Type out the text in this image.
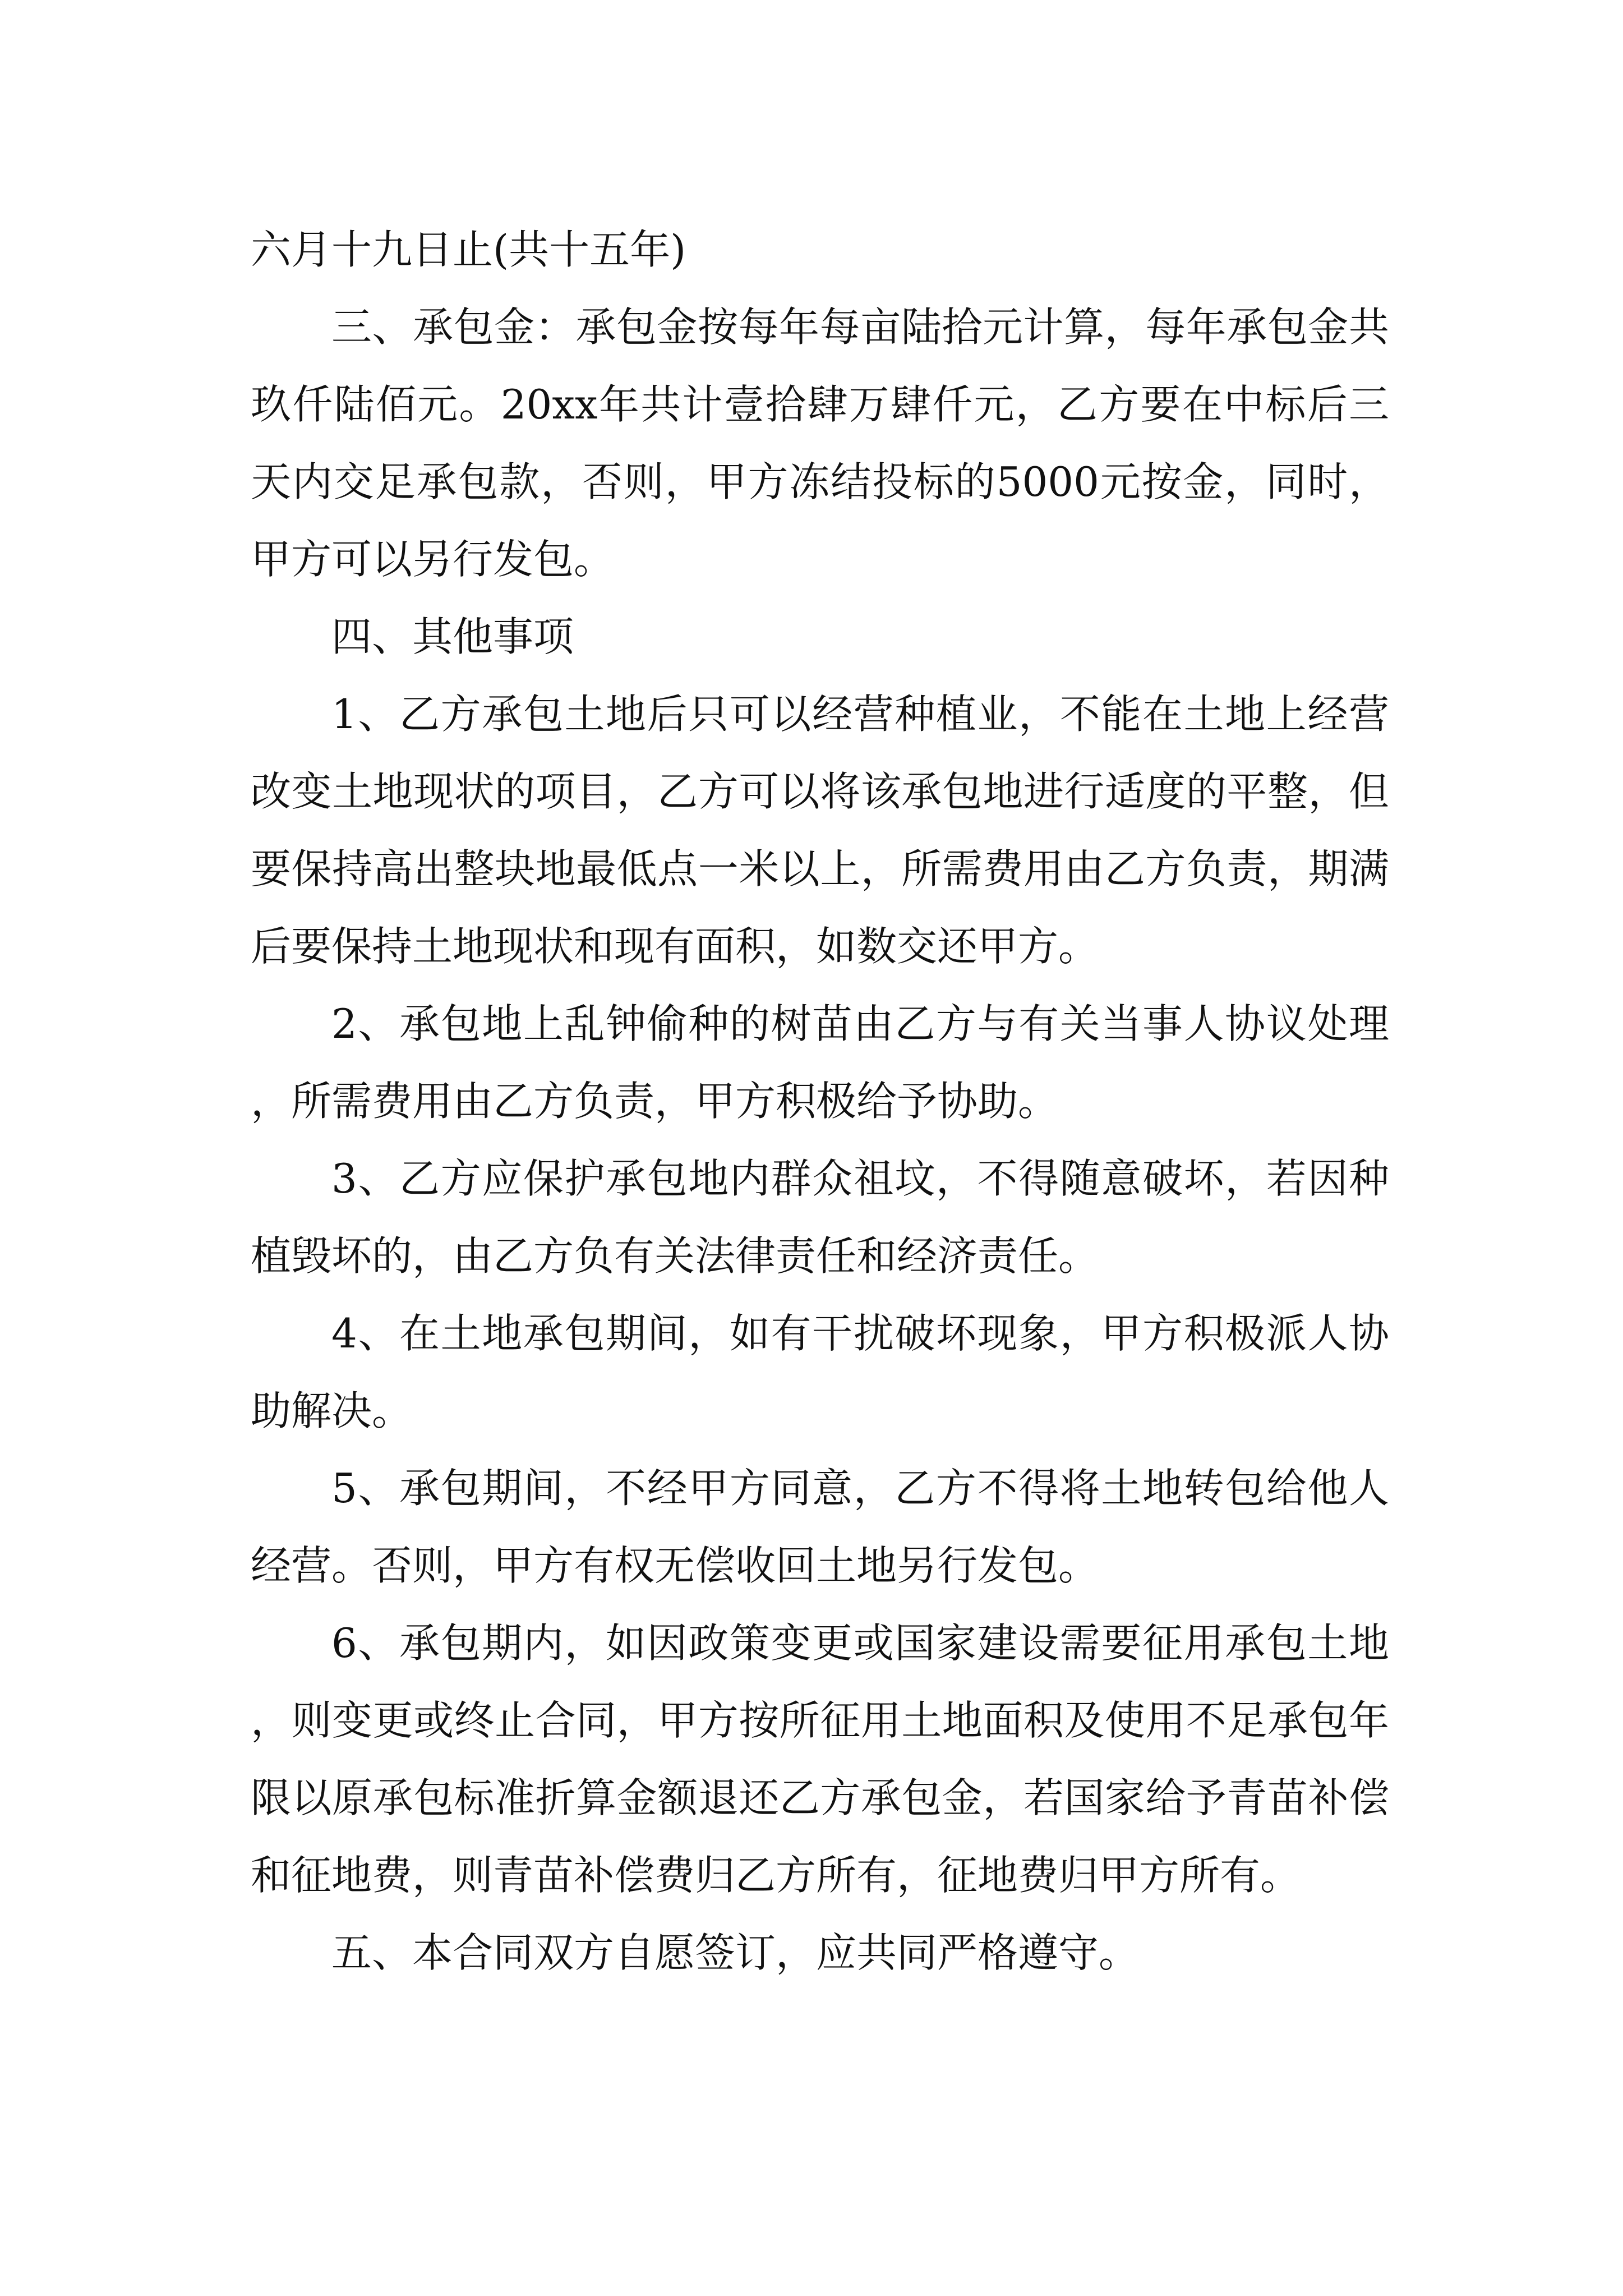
六月十九日止(共十五年)

三、承包金：承包金按每年每亩陆拾元计算，每年承包金共玖仟陆佰元。20xx年共计壹拾肆万肆仟元，乙方要在中标后三天内交足承包款，否则，甲方冻结投标的5000元按金，同时，甲方可以另行发包。

四、其他事项

1、乙方承包土地后只可以经营种植业，不能在土地上经营改变土地现状的项目，乙方可以将该承包地进行适度的平整，但要保持高出整块地最低点一米以上，所需费用由乙方负责，期满后要保持土地现状和现有面积，如数交还甲方。

2、承包地上乱钟偷种的树苗由乙方与有关当事人协议处理，所需费用由乙方负责，甲方积极给予协助。

3、乙方应保护承包地内群众祖坟，不得随意破坏，若因种植毁坏的，由乙方负有关法律责任和经济责任。

4、在土地承包期间，如有干扰破坏现象，甲方积极派人协助解决。

5、承包期间，不经甲方同意，乙方不得将土地转包给他人经营。否则，甲方有权无偿收回土地另行发包。

6、承包期内，如因政策变更或国家建设需要征用承包土地，则变更或终止合同，甲方按所征用土地面积及使用不足承包年限以原承包标准折算金额退还乙方承包金，若国家给予青苗补偿和征地费，则青苗补偿费归乙方所有，征地费归甲方所有。

五、本合同双方自愿签订，应共同严格遵守。
